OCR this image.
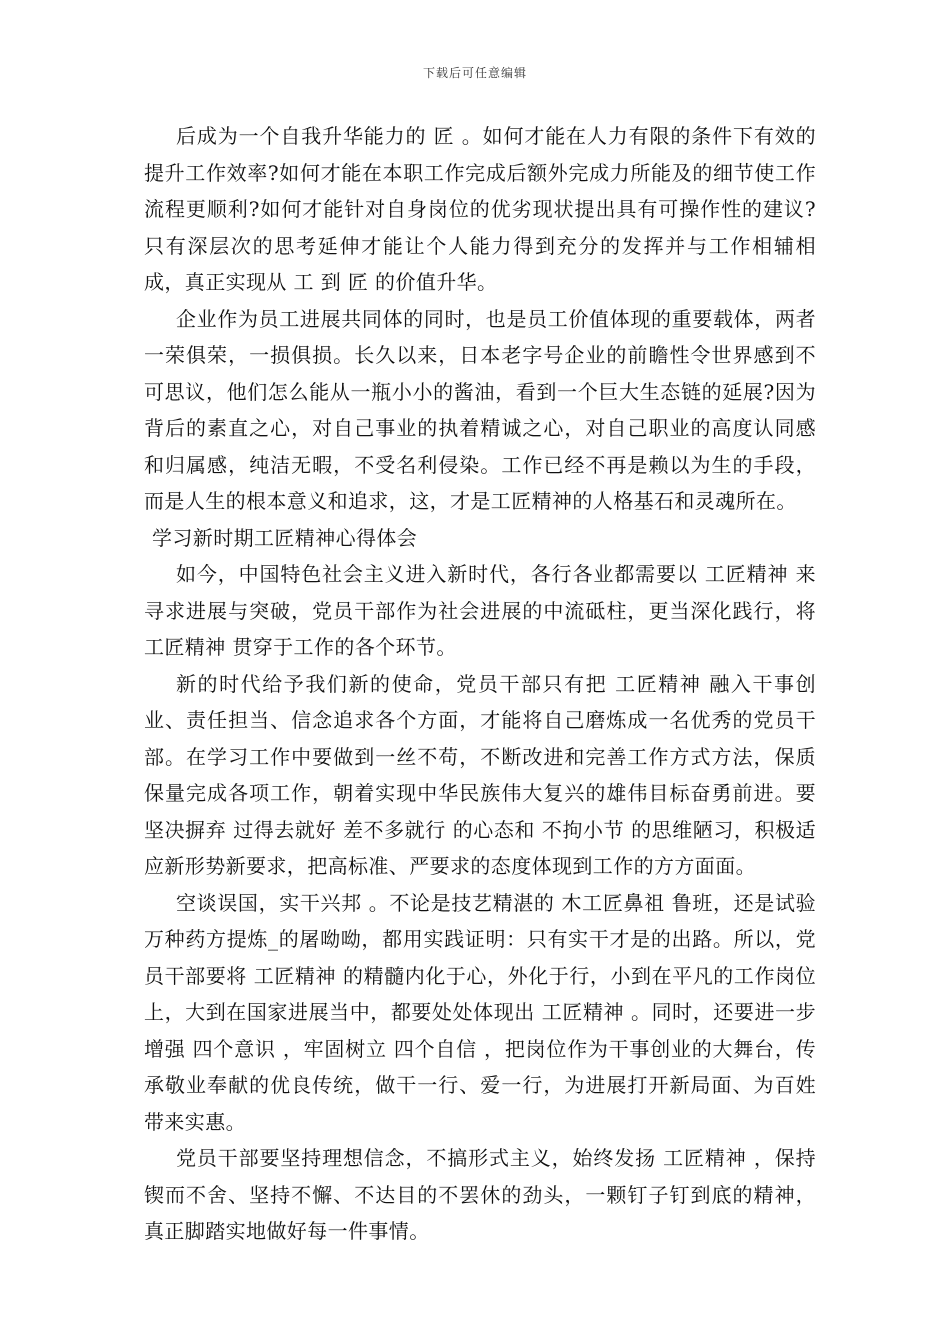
下载后可任意编辑

后成为一个自我升华能力的 匠 。如何才能在人力有限的条件下有效的提升工作效率?如何才能在本职工作完成后额外完成力所能及的细节使工作流程更顺利?如何才能针对自身岗位的优劣现状提出具有可操作性的建议?只有深层次的思考延伸才能让个人能力得到充分的发挥并与工作相辅相成，真正实现从 工 到 匠 的价值升华。

企业作为员工进展共同体的同时，也是员工价值体现的重要载体，两者一荣俱荣，一损俱损。长久以来，日本老字号企业的前瞻性令世界感到不可思议，他们怎么能从一瓶小小的酱油，看到一个巨大生态链的延展?因为背后的素直之心，对自己事业的执着精诚之心，对自己职业的高度认同感和归属感，纯洁无暇，不受名利侵染。工作已经不再是赖以为生的手段，而是人生的根本意义和追求，这，才是工匠精神的人格基石和灵魂所在。

学习新时期工匠精神心得体会

如今，中国特色社会主义进入新时代，各行各业都需要以 工匠精神 来寻求进展与突破，党员干部作为社会进展的中流砥柱，更当深化践行，将 工匠精神 贯穿于工作的各个环节。

新的时代给予我们新的使命，党员干部只有把 工匠精神 融入干事创业、责任担当、信念追求各个方面，才能将自己磨炼成一名优秀的党员干部。在学习工作中要做到一丝不苟，不断改进和完善工作方式方法，保质保量完成各项工作，朝着实现中华民族伟大复兴的雄伟目标奋勇前进。要坚决摒弃 过得去就好 差不多就行 的心态和 不拘小节 的思维陋习，积极适应新形势新要求，把高标准、严要求的态度体现到工作的方方面面。

空谈误国，实干兴邦 。不论是技艺精湛的 木工匠鼻祖 鲁班，还是试验万种药方提炼_的屠呦呦，都用实践证明：只有实干才是的出路。所以，党员干部要将 工匠精神 的精髓内化于心，外化于行，小到在平凡的工作岗位上，大到在国家进展当中，都要处处体现出 工匠精神 。同时，还要进一步增强 四个意识 ，牢固树立 四个自信 ，把岗位作为干事创业的大舞台，传承敬业奉献的优良传统，做干一行、爱一行，为进展打开新局面、为百姓带来实惠。

党员干部要坚持理想信念，不搞形式主义，始终发扬 工匠精神 ，保持锲而不舍、坚持不懈、不达目的不罢休的劲头，一颗钉子钉到底的精神，真正脚踏实地做好每一件事情。
